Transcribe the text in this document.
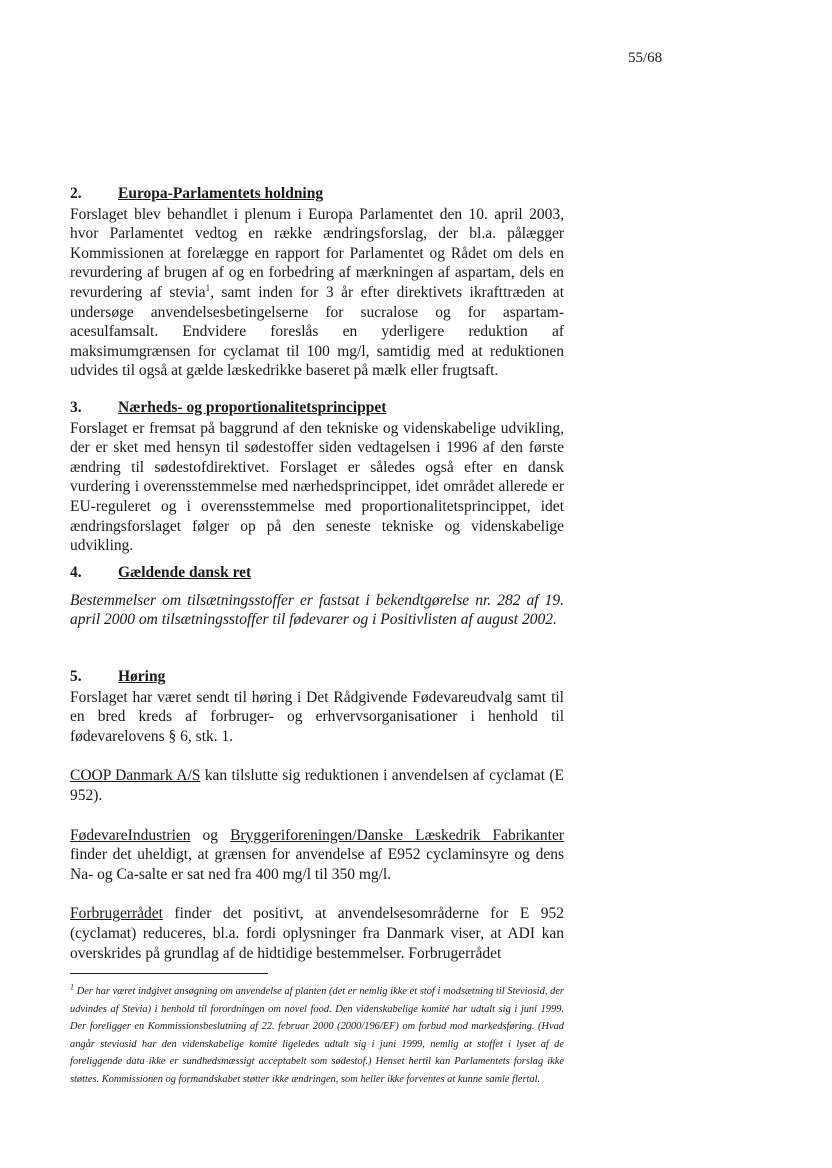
55/68
2. Europa-Parlamentets holdning

Forslaget blev behandlet i plenum i Europa Parlamentet den 10. april 2003, hvor Parlamentet vedtog en række ændringsforslag, der bl.a. pålægger Kommissionen at forelægge en rapport for Parlamentet og Rådet om dels en revurdering af brugen af og en forbedring af mærkningen af aspartam, dels en revurdering af stevia$^1$, samt inden for 3 år efter direktivets ikrafttræden at undersøge anvendelsesbetingelserne for sucralose og for aspartam-acesulfamsalt. Endvidere foreslås en yderligere reduktion af maksimumgrænsen for cyclamat til 100 mg/l, samtidig med at reduktionen udvides til også at gælde læskedrikke baseret på mælk eller frugtsaft.

3. Nærheds- og proportionalitetsprincippet

Forslaget er fremsat på baggrund af den tekniske og videnskabelige udvikling, der er sket med hensyn til sødestoffer siden vedtagelsen i 1996 af den første ændring til sødestofdirektivet. Forslaget er således også efter en dansk vurdering i overensstemmelse med nærhedsprincippet, idet området allerede er EU-reguleret og i overensstemmelse med proportionalitetsprincippet, idet ændringsforslaget følger op på den seneste tekniske og videnskabelige udvikling.

4. Gældende dansk ret

Bestemmelser om tilsætningsstoffer er fastsat i bekendtgørelse nr. 282 af 19. april 2000 om tilsætningsstoffer til fødevarer og i Positivlisten af august 2002.

5. Høring

Forslaget har været sendt til høring i Det Rådgivende Fødevareudvalg samt til en bred kreds af forbruger- og erhvervsorganisationer i henhold til fødevarelovens § 6, stk. 1.

COOP Danmark A/S kan tilslutte sig reduktionen i anvendelsen af cyclamat (E 952).

FødevareIndustrien og Bryggeriforeningen/Danske Læskedrik Fabrikanter finder det uheldigt, at grænsen for anvendelse af E952 cyclaminsyre og dens Na- og Ca-salte er sat ned fra 400 mg/l til 350 mg/l.

Forbrugerrådet finder det positivt, at anvendelsesområderne for E 952 (cyclamat) reduceres, bl.a. fordi oplysninger fra Danmark viser, at ADI kan overskrides på grundlag af de hidtidige bestemmelser. Forbrugerrådet

$^1$ Der har været indgivet ansøgning om anvendelse af planten (det er nemlig ikke et stof i modsætning til Steviosid, der udvindes af Stevia) i henhold til forordningen om novel food. Den videnskabelige komité har udtalt sig i juni 1999. Der foreligger en Kommissionsbeslutning af 22. februar 2000 (2000/196/EF) om forbud mod markedsføring. (Hvad angår steviosid har den videnskabelige komité ligeledes udtalt sig i juni 1999, nemlig at stoffet i lyset af de foreliggende data ikke er sundhedsmæssigt acceptabelt som sødestof.) Henset hertil kan Parlamentets forslag ikke støttes. Kommissionen og formandskabet støtter ikke ændringen, som heller ikke forventes at kunne samle flertal.
